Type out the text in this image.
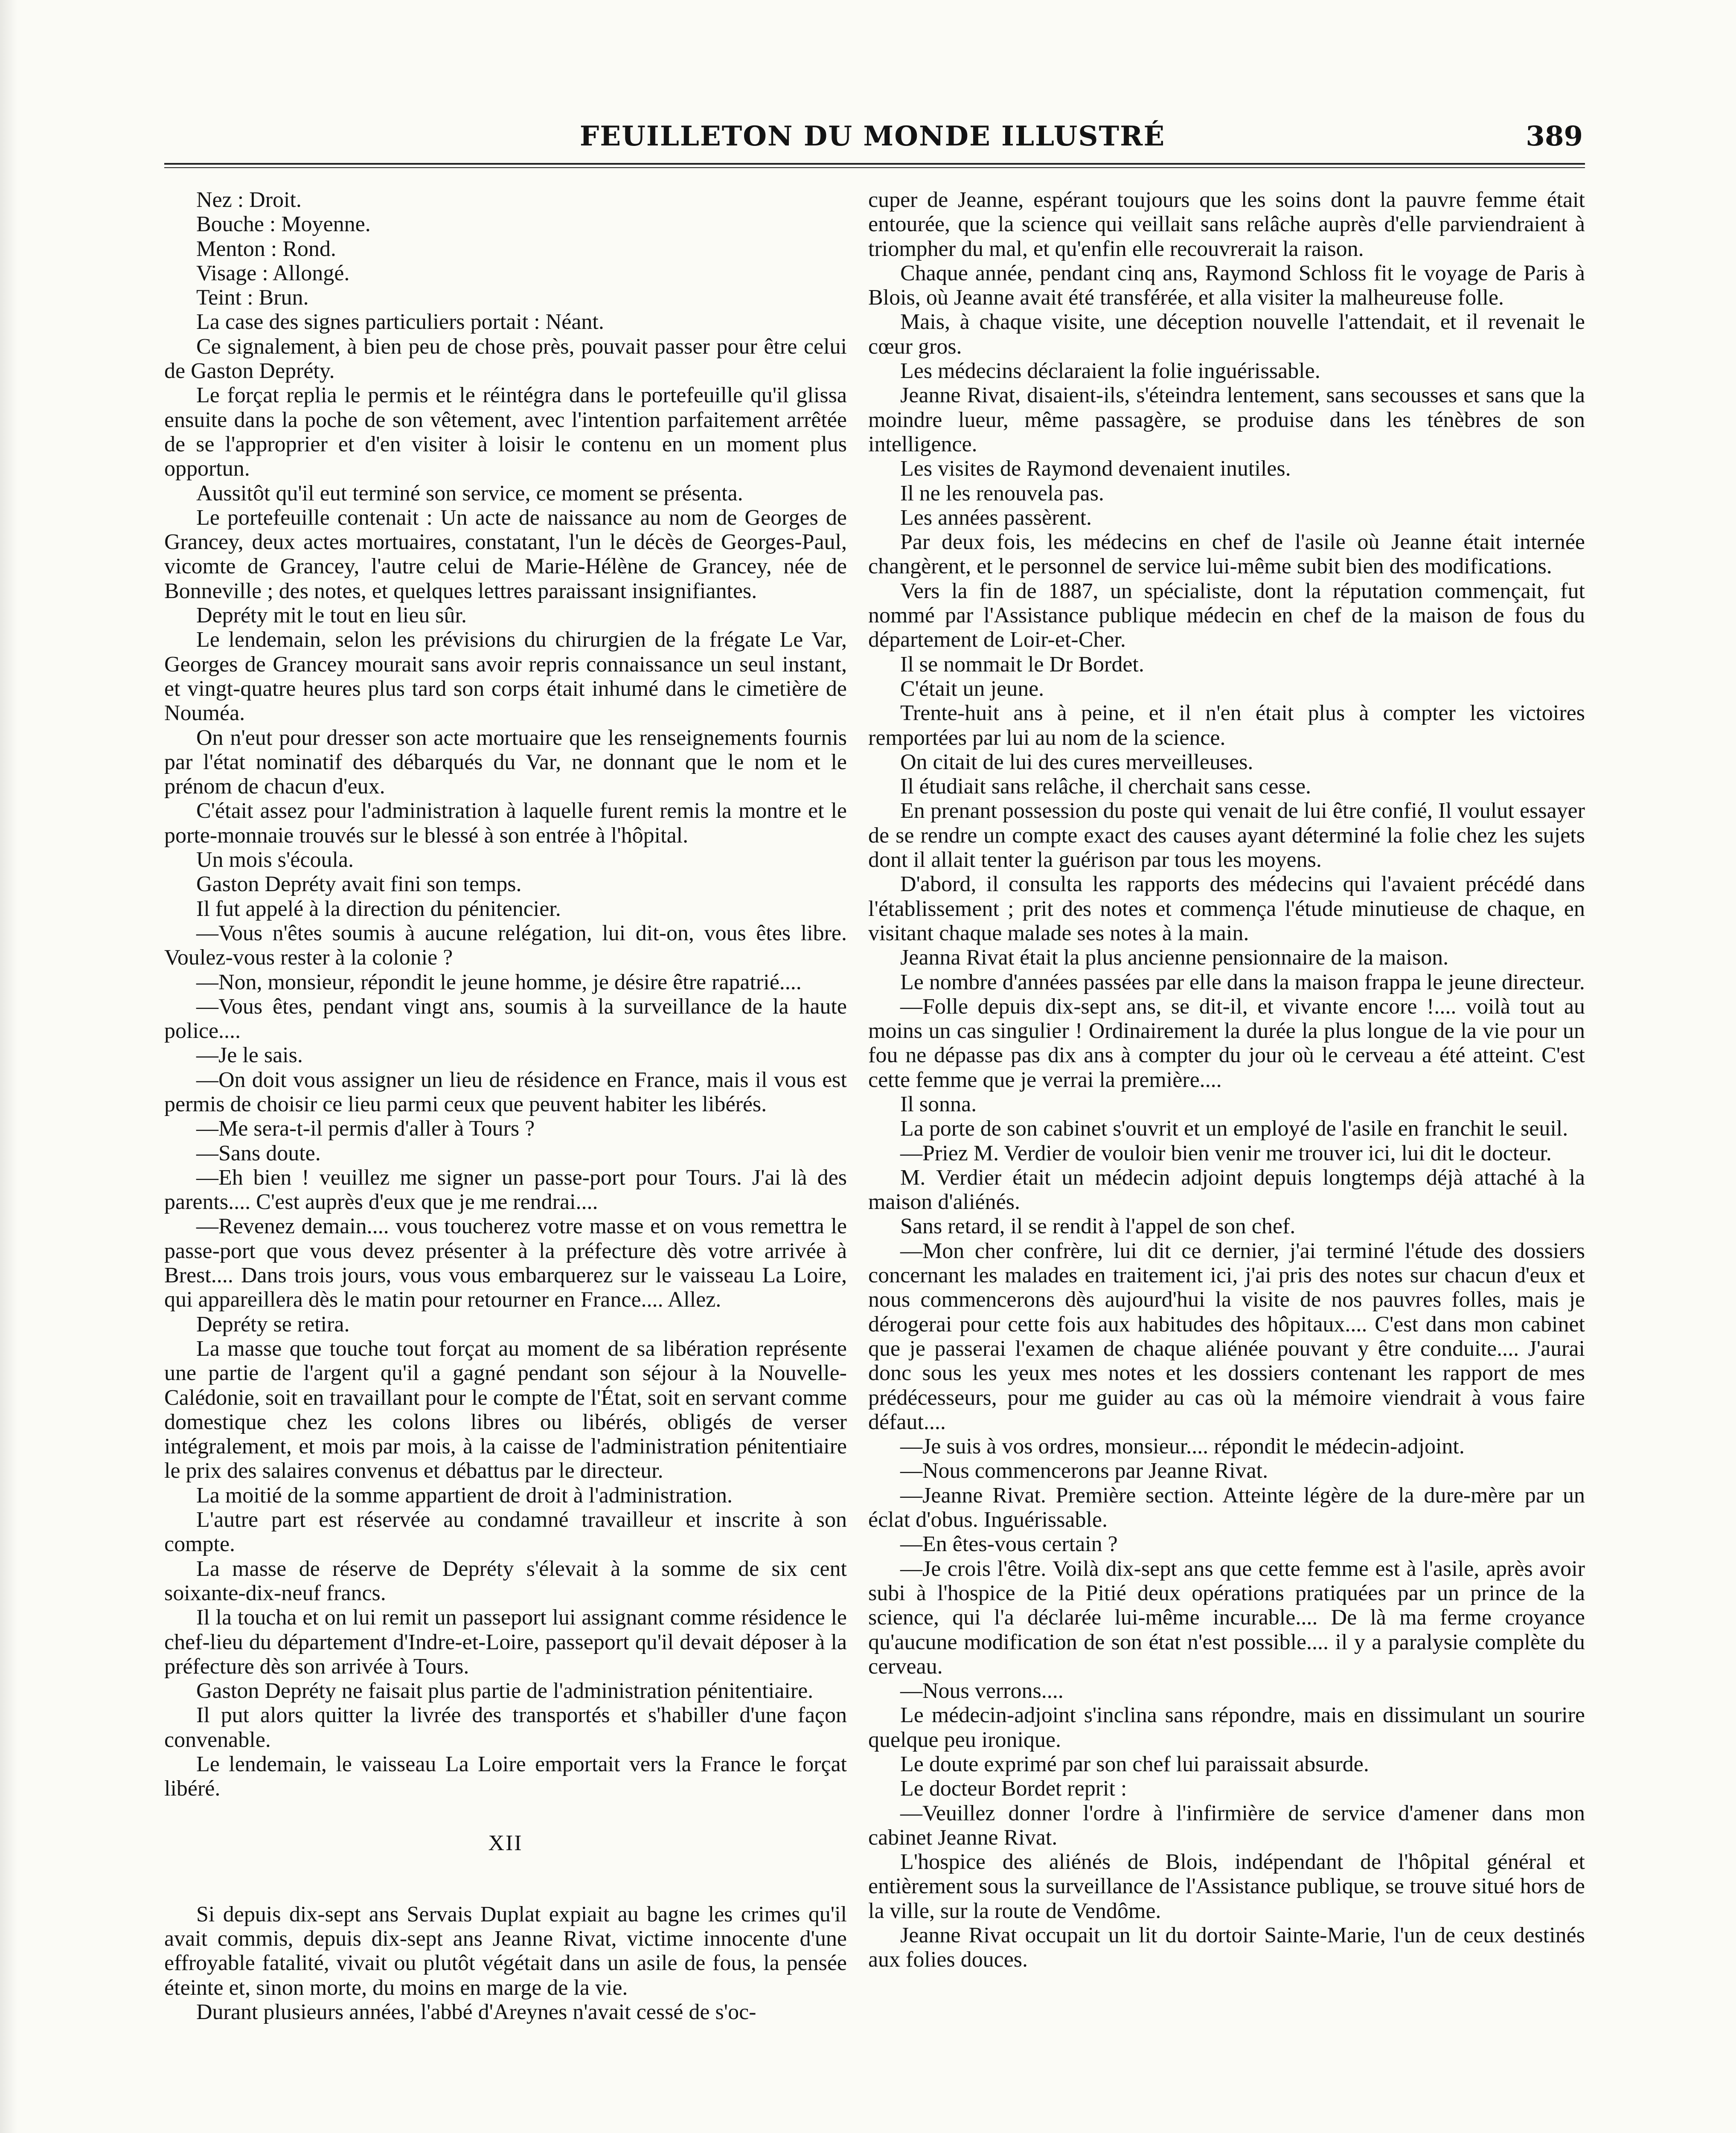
FEUILLETON DU MONDE ILLUSTRÉ	389

Nez : Droit.

Bouche : Moyenne.

Menton : Rond.

Visage : Allongé.

Teint : Brun.

La case des signes particuliers portait : Néant.

Ce signalement, à bien peu de chose près, pouvait passer pour être celui de Gaston Depréty.

Le forçat replia le permis et le réintégra dans le portefeuille qu'il glissa ensuite dans la poche de son vêtement, avec l'intention parfaitement arrêtée de se l'approprier et d'en visiter à loisir le contenu en un moment plus opportun.

Aussitôt qu'il eut terminé son service, ce moment se présenta.

Le portefeuille contenait : Un acte de naissance au nom de Georges de Grancey, deux actes mortuaires, constatant, l'un le décès de Georges-Paul, vicomte de Grancey, l'autre celui de Marie-Hélène de Grancey, née de Bonneville ; des notes, et quelques lettres paraissant insignifiantes.

Depréty mit le tout en lieu sûr.

Le lendemain, selon les prévisions du chirurgien de la frégate Le Var, Georges de Grancey mourait sans avoir repris connaissance un seul instant, et vingt-quatre heures plus tard son corps était inhumé dans le cimetière de Nouméa.

On n'eut pour dresser son acte mortuaire que les renseignements fournis par l'état nominatif des débarqués du Var, ne donnant que le nom et le prénom de chacun d'eux.

C'était assez pour l'administration à laquelle furent remis la montre et le porte-monnaie trouvés sur le blessé à son entrée à l'hôpital.

Un mois s'écoula.

Gaston Depréty avait fini son temps.

Il fut appelé à la direction du pénitencier.

—Vous n'êtes soumis à aucune relégation, lui dit-on, vous êtes libre. Voulez-vous rester à la colonie ?

—Non, monsieur, répondit le jeune homme, je désire être rapatrié....

—Vous êtes, pendant vingt ans, soumis à la surveillance de la haute police....

—Je le sais.

—On doit vous assigner un lieu de résidence en France, mais il vous est permis de choisir ce lieu parmi ceux que peuvent habiter les libérés.

—Me sera-t-il permis d'aller à Tours ?

—Sans doute.

—Eh bien ! veuillez me signer un passe-port pour Tours. J'ai là des parents.... C'est auprès d'eux que je me rendrai....

—Revenez demain.... vous toucherez votre masse et on vous remettra le passe-port que vous devez présenter à la préfecture dès votre arrivée à Brest.... Dans trois jours, vous vous embarquerez sur le vaisseau La Loire, qui appareillera dès le matin pour retourner en France.... Allez.

Depréty se retira.

La masse que touche tout forçat au moment de sa libération représente une partie de l'argent qu'il a gagné pendant son séjour à la Nouvelle-Calédonie, soit en travaillant pour le compte de l'État, soit en servant comme domestique chez les colons libres ou libérés, obligés de verser intégralement, et mois par mois, à la caisse de l'administration pénitentiaire le prix des salaires convenus et débattus par le directeur.

La moitié de la somme appartient de droit à l'administration.

L'autre part est réservée au condamné travailleur et inscrite à son compte.

La masse de réserve de Depréty s'élevait à la somme de six cent soixante-dix-neuf francs.

Il la toucha et on lui remit un passeport lui assignant comme résidence le chef-lieu du département d'Indre-et-Loire, passeport qu'il devait déposer à la préfecture dès son arrivée à Tours.

Gaston Depréty ne faisait plus partie de l'administration pénitentiaire.

Il put alors quitter la livrée des transportés et s'habiller d'une façon convenable.

Le lendemain, le vaisseau La Loire emportait vers la France le forçat libéré.

XII

Si depuis dix-sept ans Servais Duplat expiait au bagne les crimes qu'il avait commis, depuis dix-sept ans Jeanne Rivat, victime innocente d'une effroyable fatalité, vivait ou plutôt végétait dans un asile de fous, la pensée éteinte et, sinon morte, du moins en marge de la vie.

Durant plusieurs années, l'abbé d'Areynes n'avait cessé de s'oc-

cuper de Jeanne, espérant toujours que les soins dont la pauvre femme était entourée, que la science qui veillait sans relâche auprès d'elle parviendraient à triompher du mal, et qu'enfin elle recouvrerait la raison.

Chaque année, pendant cinq ans, Raymond Schloss fit le voyage de Paris à Blois, où Jeanne avait été transférée, et alla visiter la malheureuse folle.

Mais, à chaque visite, une déception nouvelle l'attendait, et il revenait le cœur gros.

Les médecins déclaraient la folie inguérissable.

Jeanne Rivat, disaient-ils, s'éteindra lentement, sans secousses et sans que la moindre lueur, même passagère, se produise dans les ténèbres de son intelligence.

Les visites de Raymond devenaient inutiles.

Il ne les renouvela pas.

Les années passèrent.

Par deux fois, les médecins en chef de l'asile où Jeanne était internée changèrent, et le personnel de service lui-même subit bien des modifications.

Vers la fin de 1887, un spécialiste, dont la réputation commençait, fut nommé par l'Assistance publique médecin en chef de la maison de fous du département de Loir-et-Cher.

Il se nommait le Dr Bordet.

C'était un jeune.

Trente-huit ans à peine, et il n'en était plus à compter les victoires remportées par lui au nom de la science.

On citait de lui des cures merveilleuses.

Il étudiait sans relâche, il cherchait sans cesse.

En prenant possession du poste qui venait de lui être confié, Il voulut essayer de se rendre un compte exact des causes ayant déterminé la folie chez les sujets dont il allait tenter la guérison par tous les moyens.

D'abord, il consulta les rapports des médecins qui l'avaient précédé dans l'établissement ; prit des notes et commença l'étude minutieuse de chaque, en visitant chaque malade ses notes à la main.

Jeanna Rivat était la plus ancienne pensionnaire de la maison.

Le nombre d'années passées par elle dans la maison frappa le jeune directeur.

—Folle depuis dix-sept ans, se dit-il, et vivante encore !.... voilà tout au moins un cas singulier ! Ordinairement la durée la plus longue de la vie pour un fou ne dépasse pas dix ans à compter du jour où le cerveau a été atteint. C'est cette femme que je verrai la première....

Il sonna.

La porte de son cabinet s'ouvrit et un employé de l'asile en franchit le seuil.

—Priez M. Verdier de vouloir bien venir me trouver ici, lui dit le docteur.

M. Verdier était un médecin adjoint depuis longtemps déjà attaché à la maison d'aliénés.

Sans retard, il se rendit à l'appel de son chef.

—Mon cher confrère, lui dit ce dernier, j'ai terminé l'étude des dossiers concernant les malades en traitement ici, j'ai pris des notes sur chacun d'eux et nous commencerons dès aujourd'hui la visite de nos pauvres folles, mais je dérogerai pour cette fois aux habitudes des hôpitaux.... C'est dans mon cabinet que je passerai l'examen de chaque aliénée pouvant y être conduite.... J'aurai donc sous les yeux mes notes et les dossiers contenant les rapport de mes prédécesseurs, pour me guider au cas où la mémoire viendrait à vous faire défaut....

—Je suis à vos ordres, monsieur.... répondit le médecin-adjoint.

—Nous commencerons par Jeanne Rivat.

—Jeanne Rivat. Première section. Atteinte légère de la dure-mère par un éclat d'obus. Inguérissable.

—En êtes-vous certain ?

—Je crois l'être. Voilà dix-sept ans que cette femme est à l'asile, après avoir subi à l'hospice de la Pitié deux opérations pratiquées par un prince de la science, qui l'a déclarée lui-même incurable.... De là ma ferme croyance qu'aucune modification de son état n'est possible.... il y a paralysie complète du cerveau.

—Nous verrons....

Le médecin-adjoint s'inclina sans répondre, mais en dissimulant un sourire quelque peu ironique.

Le doute exprimé par son chef lui paraissait absurde.

Le docteur Bordet reprit :

—Veuillez donner l'ordre à l'infirmière de service d'amener dans mon cabinet Jeanne Rivat.

L'hospice des aliénés de Blois, indépendant de l'hôpital général et entièrement sous la surveillance de l'Assistance publique, se trouve situé hors de la ville, sur la route de Vendôme.

Jeanne Rivat occupait un lit du dortoir Sainte-Marie, l'un de ceux destinés aux folies douces.
